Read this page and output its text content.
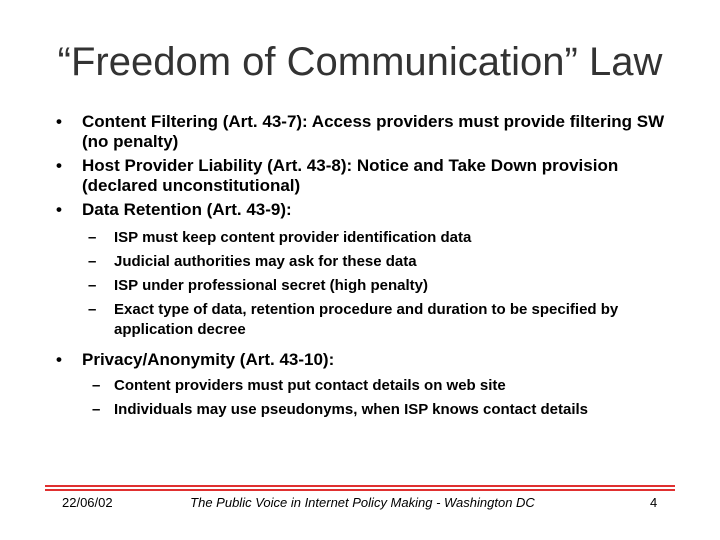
“Freedom of Communication” Law
• Content Filtering (Art. 43-7): Access providers must provide filtering SW (no penalty)
• Host Provider Liability (Art. 43-8): Notice and Take Down provision (declared unconstitutional)
• Data Retention (Art. 43-9):
– ISP must keep content provider identification data
– Judicial authorities may ask for these data
– ISP under professional secret (high penalty)
– Exact type of data, retention procedure and duration to be specified by application decree
• Privacy/Anonymity (Art. 43-10):
– Content providers must put contact details on web site
– Individuals may use pseudonyms, when ISP knows contact details
22/06/02	The Public Voice in Internet Policy Making - Washington DC	4
